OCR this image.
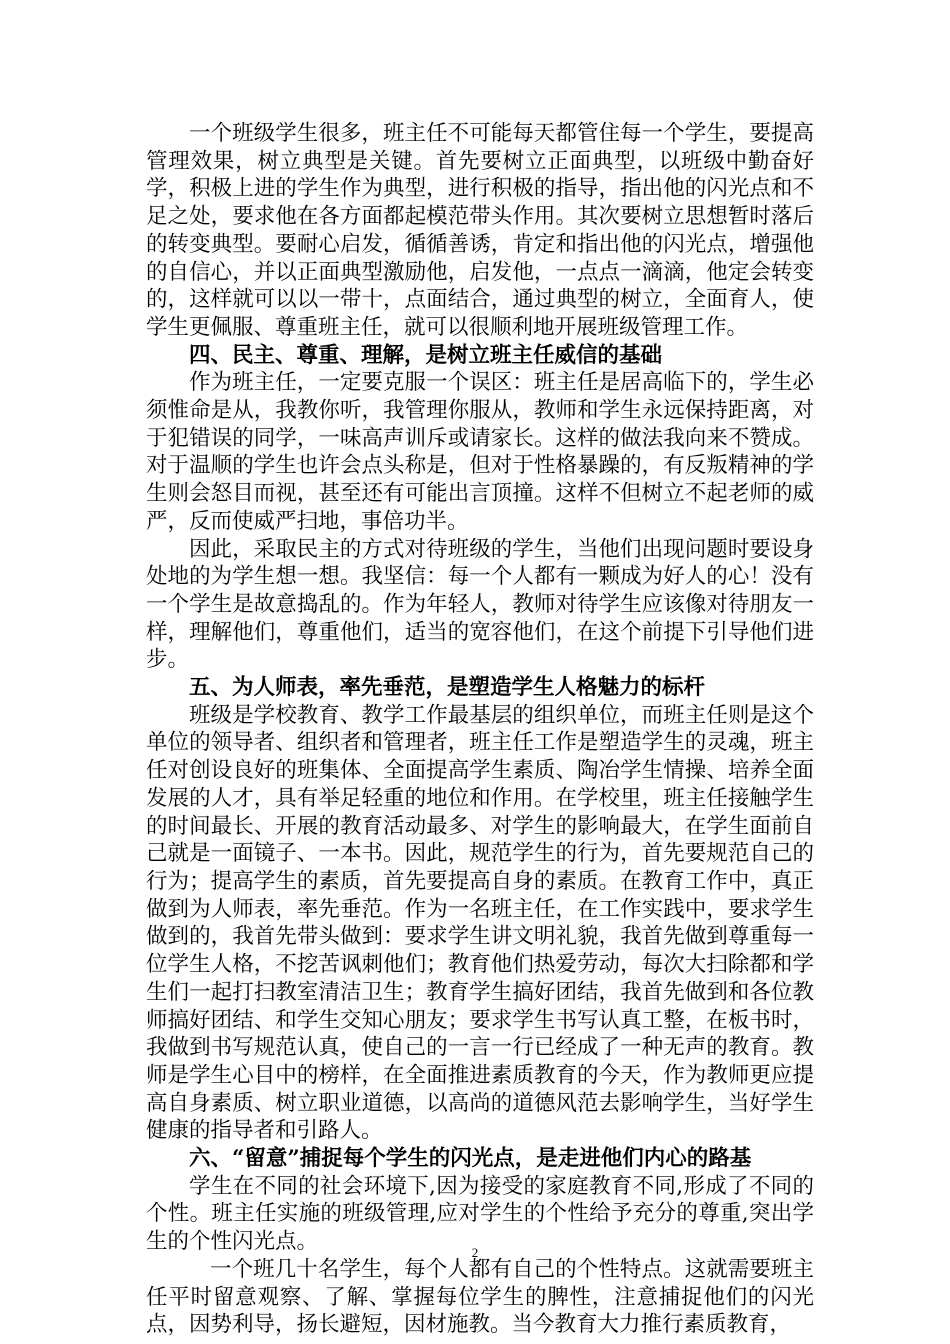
一个班级学生很多，班主任不可能每天都管住每一个学生，要提高管理效果，树立典型是关键。首先要树立正面典型，以班级中勤奋好学，积极上进的学生作为典型，进行积极的指导，指出他的闪光点和不足之处，要求他在各方面都起模范带头作用。其次要树立思想暂时落后的转变典型。要耐心启发，循循善诱，肯定和指出他的闪光点，增强他的自信心，并以正面典型激励他，启发他，一点点一滴滴，他定会转变的，这样就可以以一带十，点面结合，通过典型的树立，全面育人，使学生更佩服、尊重班主任，就可以很顺利地开展班级管理工作。

四、民主、尊重、理解，是树立班主任威信的基础

作为班主任，一定要克服一个误区：班主任是居高临下的，学生必须惟命是从，我教你听，我管理你服从，教师和学生永远保持距离，对于犯错误的同学，一味高声训斥或请家长。这样的做法我向来不赞成。对于温顺的学生也许会点头称是，但对于性格暴躁的，有反叛精神的学生则会怒目而视，甚至还有可能出言顶撞。这样不但树立不起老师的威严，反而使威严扫地，事倍功半。

因此，采取民主的方式对待班级的学生，当他们出现问题时要设身处地的为学生想一想。我坚信：每一个人都有一颗成为好人的心！没有一个学生是故意捣乱的。作为年轻人，教师对待学生应该像对待朋友一样，理解他们，尊重他们，适当的宽容他们，在这个前提下引导他们进步。

五、为人师表，率先垂范，是塑造学生人格魅力的标杆

班级是学校教育、教学工作最基层的组织单位，而班主任则是这个单位的领导者、组织者和管理者，班主任工作是塑造学生的灵魂，班主任对创设良好的班集体、全面提高学生素质、陶冶学生情操、培养全面发展的人才，具有举足轻重的地位和作用。在学校里，班主任接触学生的时间最长、开展的教育活动最多、对学生的影响最大，在学生面前自己就是一面镜子、一本书。因此，规范学生的行为，首先要规范自己的行为；提高学生的素质，首先要提高自身的素质。在教育工作中，真正做到为人师表，率先垂范。作为一名班主任，在工作实践中，要求学生做到的，我首先带头做到：要求学生讲文明礼貌，我首先做到尊重每一位学生人格，不挖苦讽刺他们；教育他们热爱劳动，每次大扫除都和学生们一起打扫教室清洁卫生；教育学生搞好团结，我首先做到和各位教师搞好团结、和学生交知心朋友；要求学生书写认真工整，在板书时，我做到书写规范认真，使自己的一言一行已经成了一种无声的教育。教师是学生心目中的榜样，在全面推进素质教育的今天，作为教师更应提高自身素质、树立职业道德，以高尚的道德风范去影响学生，当好学生健康的指导者和引路人。

六、“留意”捕捉每个学生的闪光点，是走进他们内心的路基

学生在不同的社会环境下,因为接受的家庭教育不同,形成了不同的个性。班主任实施的班级管理,应对学生的个性给予充分的尊重,突出学生的个性闪光点。

一个班几十名学生，每个人都有自己的个性特点。这就需要班主任平时留意观察、了解、掌握每位学生的脾性，注意捕捉他们的闪光点，因势利导，扬长避短，因材施教。当今教育大力推行素质教育，

2
